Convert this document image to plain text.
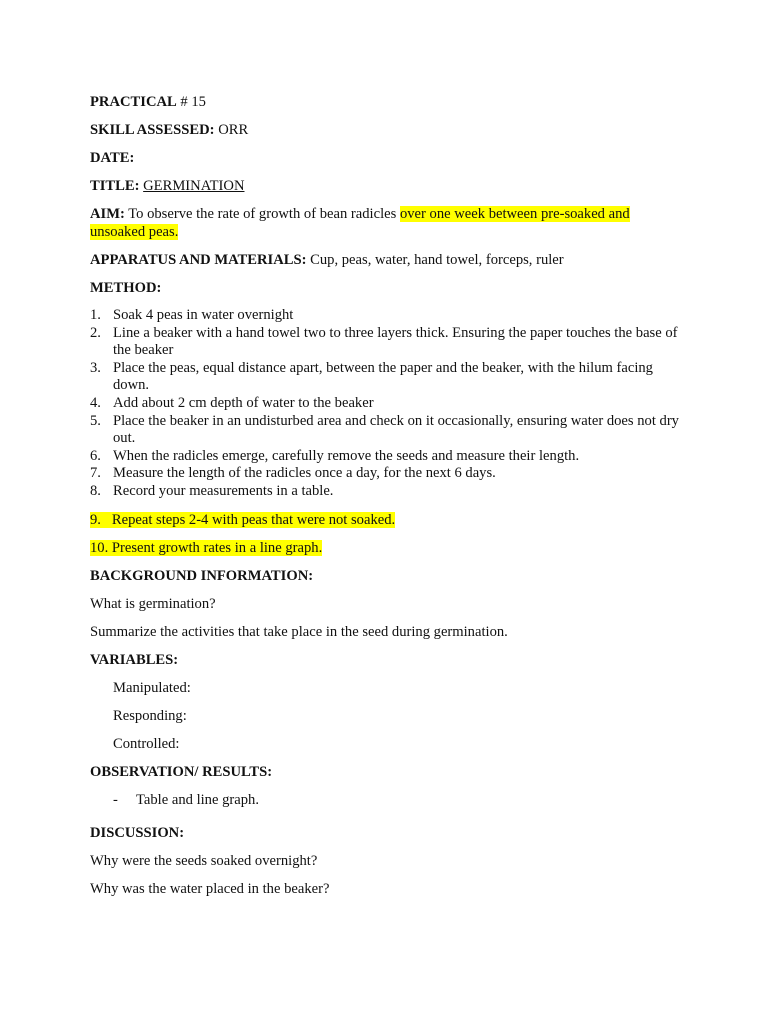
PRACTICAL # 15

SKILL ASSESSED: ORR

DATE:

TITLE: GERMINATION

AIM: To observe the rate of growth of bean radicles over one week between pre-soaked and
unsoaked peas.

APPARATUS AND MATERIALS: Cup, peas, water, hand towel, forceps, ruler

METHOD:

1. Soak 4 peas in water overnight
2. Line a beaker with a hand towel two to three layers thick. Ensuring the paper touches the base of the beaker
3. Place the peas, equal distance apart, between the paper and the beaker, with the hilum facing down.
4. Add about 2 cm depth of water to the beaker
5. Place the beaker in an undisturbed area and check on it occasionally, ensuring water does not dry out.
6. When the radicles emerge, carefully remove the seeds and measure their length.
7. Measure the length of the radicles once a day, for the next 6 days.
8. Record your measurements in a table.

9.   Repeat steps 2-4 with peas that were not soaked.

10. Present growth rates in a line graph.

BACKGROUND INFORMATION:

What is germination?

Summarize the activities that take place in the seed during germination.

VARIABLES:

Manipulated:

Responding:

Controlled:

OBSERVATION/ RESULTS:

- Table and line graph.

DISCUSSION:

Why were the seeds soaked overnight?

Why was the water placed in the beaker?
